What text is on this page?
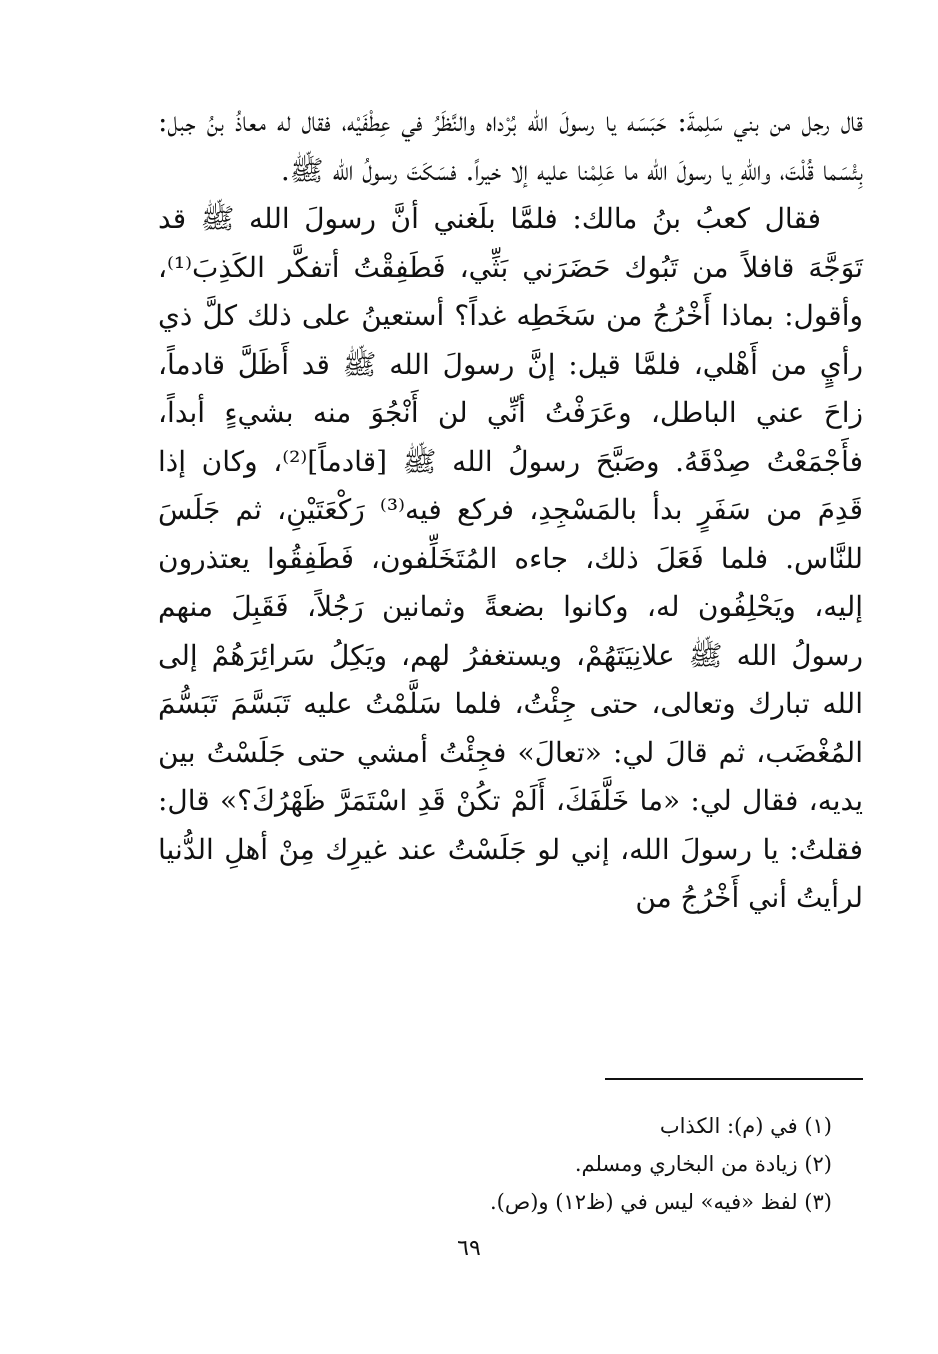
قال رجل من بني سَلِمةَ: حَبَسَه يا رسولَ الله بُرْداه والنَّظَرُ في عِطْفَيْه، فقال له معاذُ بنُ جبل: بِئْسَما قُلْتَ، واللهِ يا رسولَ الله ما عَلِمْنا عليه إلا خيراً. فسَكَتَ رسولُ الله ﷺ.

فقال كعبُ بنُ مالك: فلمَّا بلَغني أنَّ رسولَ الله ﷺ قد تَوَجَّهَ قافلاً من تَبُوك حَضَرَني بَثِّي، فَطَفِقْتُ أتفكَّر الكَذِبَ⁽¹⁾، وأقول: بماذا أَخْرُجُ من سَخَطِه غداً؟ أستعينُ على ذلك كلَّ ذي رأيٍ من أَهْلي، فلمَّا قيل: إنَّ رسولَ الله ﷺ قد أَظَلَّ قادماً، زاحَ عني الباطل، وعَرَفْتُ أنِّي لن أَنْجُوَ منه بشيءٍ أبداً، فأَجْمَعْتُ صِدْقَهُ. وصَبَّحَ رسولُ الله ﷺ [قادماً]⁽²⁾، وكان إذا قَدِمَ من سَفَرٍ بدأ بالمَسْجِدِ، فركع فيه⁽³⁾ رَكْعَتَيْنِ، ثم جَلَسَ للنَّاس. فلما فَعَلَ ذلك، جاءه المُتَخَلِّفون، فَطَفِقُوا يعتذرون إليه، ويَحْلِفُون له، وكانوا بضعةً وثمانين رَجُلاً، فَقَبِلَ منهم رسولُ الله ﷺ علانِيَتَهُمْ، ويستغفرُ لهم، ويَكِلُ سَرائِرَهُمْ إلى الله تبارك وتعالى، حتى جِئْتُ، فلما سَلَّمْتُ عليه تَبَسَّمَ تَبَسُّمَ المُغْضَب، ثم قالَ لي: «تعالَ» فجِئْتُ أمشي حتى جَلَسْتُ بين يديه، فقال لي: «ما خَلَّفَكَ، أَلَمْ تكُنْ قَدِ اسْتَمَرَّ ظَهْرُكَ؟» قال: فقلتُ: يا رسولَ الله، إني لو جَلَسْتُ عند غيرِك مِنْ أهلِ الدُّنيا لرأيتُ أني أَخْرُجُ من

(١) في (م): الكذاب
(٢) زيادة من البخاري ومسلم.
(٣) لفظ «فيه» ليس في (ظ١٢) و(ص).
٦٩
